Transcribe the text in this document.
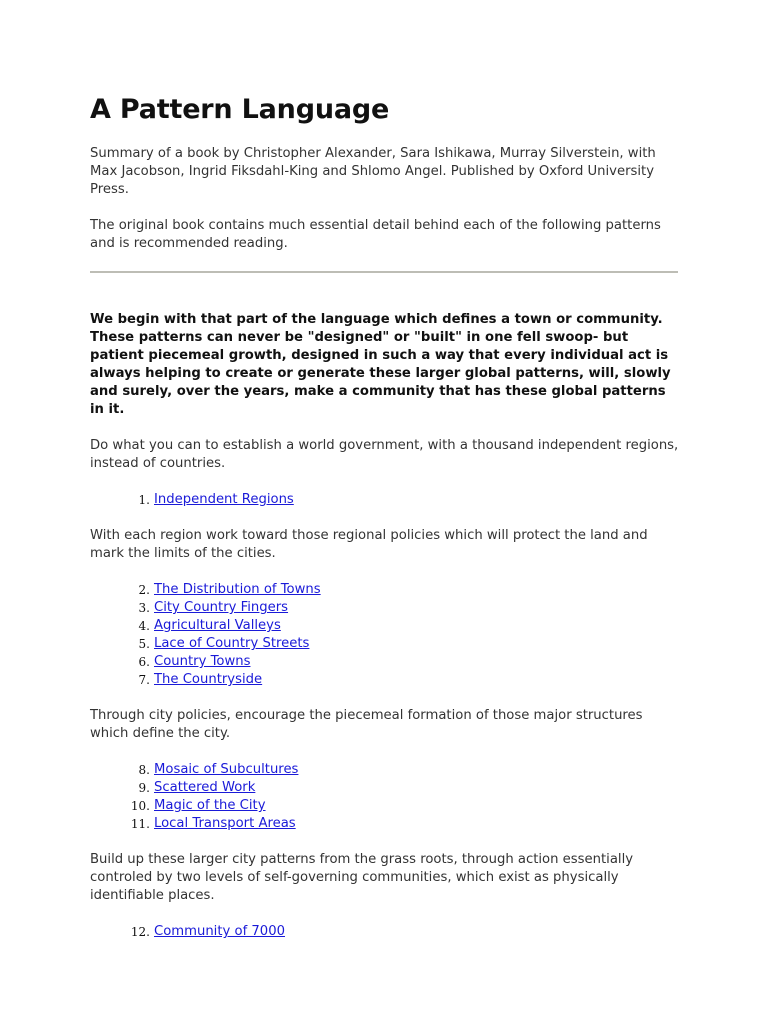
A Pattern Language

Summary of a book by Christopher Alexander, Sara Ishikawa, Murray Silverstein, with Max Jacobson, Ingrid Fiksdahl-King and Shlomo Angel. Published by Oxford University Press.

The original book contains much essential detail behind each of the following patterns and is recommended reading.

We begin with that part of the language which defines a town or community. These patterns can never be "designed" or "built" in one fell swoop- but patient piecemeal growth, designed in such a way that every individual act is always helping to create or generate these larger global patterns, will, slowly and surely, over the years, make a community that has these global patterns in it.

Do what you can to establish a world government, with a thousand independent regions, instead of countries.

1. Independent Regions

With each region work toward those regional policies which will protect the land and mark the limits of the cities.

2. The Distribution of Towns
3. City Country Fingers
4. Agricultural Valleys
5. Lace of Country Streets
6. Country Towns
7. The Countryside

Through city policies, encourage the piecemeal formation of those major structures which define the city.

8. Mosaic of Subcultures
9. Scattered Work
10. Magic of the City
11. Local Transport Areas

Build up these larger city patterns from the grass roots, through action essentially controled by two levels of self-governing communities, which exist as physically identifiable places.

12. Community of 7000
